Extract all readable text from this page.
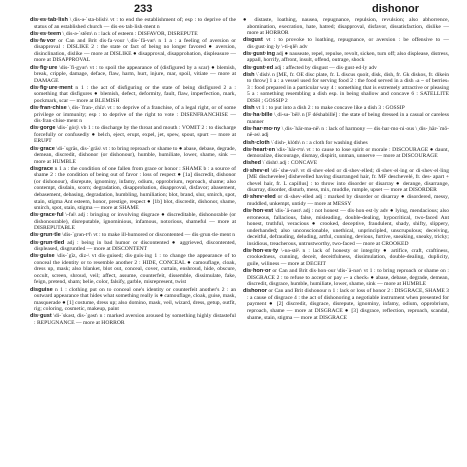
233	dishonor

dis·es·tab·lish \ˌdis-ə-ˈsta-blish\ vt : to end the establishment of; esp : to deprive of the status of an established church — dis·es·tab·lish·ment n

dis·es·teem \ˌdis-ə-ˈstēm\ n : lack of esteem : DISFAVOR, DISREPUTE

dis·fa·vor or Can and Brit dis·fa·vour \ˌdis-ˈfā-vər\ n 1 a : a feeling of aversion or disapproval : DISLIKE 2 : the state or fact of being no longer favored ● aversion, disinclination, dislike — more at DISLIKE ● disapproval, disapprobation, displeasure — more at DISAPPROVAL

dis·fig·ure \dis-ˈfi-gyər\ vt : to spoil the appearance of (disfigured by a scar) ● blemish, break, cripple, damage, deface, flaw, harm, hurt, injure, mar, spoil, vitiate — more at DAMAGE

dis·fig·ure·ment n 1 : the act of disfiguring or the state of being disfigured 2 a : something that disfigures ● blemish, defect, deformity, fault, flaw, imperfection, mark, pockmark, scar — more at BLEMISH

dis·fran·chise \ˌdis-ˈfran-ˌchīz\ vt : to deprive of a franchise, of a legal right, or of some privilege or immunity; esp : to deprive of the right to vote : DISENFRANCHISE — dis·fran·chise·ment n

dis·gorge \dis-ˈgȯrj\ vb 1 : to discharge by the throat and mouth : VOMIT 2 : to discharge forcefully or confusedly ● belch, eject, erupt, expel, jet, spew, spout, spurt — more at ERUPT

dis·grace \di-ˈsgrās, dis-ˈgrās\ vt : to bring reproach or shame to ● abase, debase, degrade, demean, discredit, dishonor (or dishonour), humble, humiliate, lower, shame, sink — more at HUMBLE

disgrace n 1 a : the condition of one fallen from grace or honor : SHAME b : a source of shame 2 : the condition of being out of favor : loss of respect ● [1a] discredit, dishonor (or dishonour), disrepute, ignominy, infamy, odium, opprobrium, reproach, shame; also contempt, disdain, scorn; degradation, disapprobation, disapproval, disfavor; abasement, debasement, debasing, degradation, humbling, humiliation; blot, brand, slur, smirch, spot, stain, stigma Ant esteem, honor, prestige, respect ● [1b] blot, discredit, dishonor, shame, smirch, spot, stain, stigma — more at SHAME

dis·grace·ful \-fəl\ adj : bringing or involving disgrace ● discreditable, dishonorable (or dishonourable), disreputable, ignominious, infamous, notorious, shameful — more at DISREPUTABLE

dis·grun·tle \dis-ˈgrən-tᵊl\ vt : to make ill-humored or discontented — dis·grun·tle·ment n

dis·grun·tled adj : being in bad humor or discontented ● aggrieved, discontented, displeased, disgruntled — more at DISCONTENT

dis·guise \dis-ˈgīz, diz-\ vt dis·guised; dis·guis·ing 1 : to change the appearance of to conceal the identity or to resemble another 2 : HIDE, CONCEAL ● camouflage, cloak, dress up, mask; also blanket, blot out, conceal, cover, curtain, enshroud, hide, obscure, occult, screen, shroud, veil; affect, assume, counterfeit, dissemble, dissimulate, fake, feign, pretend, sham; belie, color, falsify, garble, misrepresent, twist

disguise n 1 : clothing put on to conceal one's identity or counterfeit another's 2 : an outward appearance that hides what something really is ● camouflage, cloak, guise, mask, masquerade ● [1] costume, dress up; also domino, mask, veil, wizard, dress, getup, outfit, rig; coloring, cosmetic, makeup, paint

dis·gust \di-ˈskəst, dis-ˈgəst\ n : marked aversion aroused by something highly distasteful : REPUGNANCE — more at HORROR

● distaste, loathing, nausea, repugnance, repulsion, revulsion; also abhorrence, abomination, execration, hate, hatred; disapproval, disfavor, dissatisfaction, dislike — more at HORROR

disgust vt : to provoke to loathing, repugnance, or aversion : be offensive to — dis·gust·ing·ly \-ti-ŋlē\ adv

dis·gust·ing adj ● nauseate, repel, repulse, revolt, sicken, turn off; also displease, distress, appall, horrify, affront, insult, offend, outrage, shock

dis·gust·ed adj : affected by disgust — dis·gust·ed·ly adv

dish \ˈdish\ n [ME, fr. OE disc plate, fr. L discus quoit, disk, dish, fr. Gk diskos, fr. dikein to throw] 1 a : a vessel used for serving food 2 : the food served in a dish ‹a ~ of berries› 3 : food prepared in a particular way 4 : something that is extremely attractive or pleasing 5 a : something resembling a dish esp. in being shallow and concave 6 : SATELLITE DISH ; GOSSIP 2

dish vt 1 : to put into a dish 2 : to make concave like a dish 3 : GOSSIP

dis·ha·bille \ˌdi-sə-ˈbēl\ n [F déshabillé] : the state of being dressed in a casual or careless manner

dis·har·mo·ny \ˌdis-ˈhär-mə-nē\ n : lack of harmony — dis·har·mo·ni·ous \ˌdis-ˌhär-ˈmō-nē-əs\ adj

dish·cloth \ˈdish-ˌklȯth\ n : a cloth for washing dishes

dis·heart·en \dis-ˈhär-tᵊn\ vt : to cause to lose spirit or morale : DISCOURAGE ● daunt, demoralize, discourage, dismay, dispirit, unman, unnerve — more at DISCOURAGE

dished \ˈdisht\ adj : CONCAVE

di·shev·el \di-ˈshe-vəl\ vt di·shev·eled or di·shev·elled; di·shev·el·ing or di·shev·el·ling [ME dischevelee] dishevelled having disarranged hair, fr. MF deschevelé, fr. des- apart + chevel hair, fr. L capillus] : to throw into disorder or disarray ● derange, disarrange, disarray, disorder, disturb, mess, mix, muddle, rumple, upset — more at DISORDER

di·shev·eled or di·shev·elled adj : marked by disorder or disarray ● disordered, messy, muddled, unkempt, untidy — more at MESSY

dis·hon·est \dis-ˈä-nəst\ adj : not honest — dis·hon·est·ly adv ● lying, mendacious; also erroneous, fallacious, false, misleading, double-dealing, hypocritical, two-faced Ant honest, truthful, veracious ● crooked, deceptive, fraudulent, shady, shifty, slippery, underhanded; also unconscionable, unethical, unprincipled, unscrupulous; deceiving, deceitful, defrauding, deluding, artful, cunning, devious, furtive, sneaking, sneaky, tricky; insidious, treacherous, untrustworthy, two-faced — more at CROOKED

dis·hon·es·ty \-nə-stē\ n : lack of honesty or integrity ● artifice, craft, craftiness, crookedness, cunning, deceit, deceitfulness, dissimulation, double-dealing, duplicity, guile, wiliness — more at DECEIT

dis·hon·or or Can and Brit dis·hon·our \dis-ˈä-nər\ vt 1 : to bring reproach or shame on : DISGRACE 2 : to refuse to accept or pay ‹~ a check› ● abase, debase, degrade, demean, discredit, disgrace, humble, humiliate, lower, shame, sink — more at HUMBLE

dishonor or Can and Brit dishonour n 1 : lack or loss of honor 2 : DISGRACE, SHAME 3 : a cause of disgrace 4 : the act of dishonoring a negotiable instrument when presented for payment ● [2] discredit, disgrace, disrepute, ignominy, infamy, odium, opprobrium, reproach, shame — more at DISGRACE ● [3] disgrace, reflection, reproach, scandal, shame, stain, stigma — more at DISGRACE
